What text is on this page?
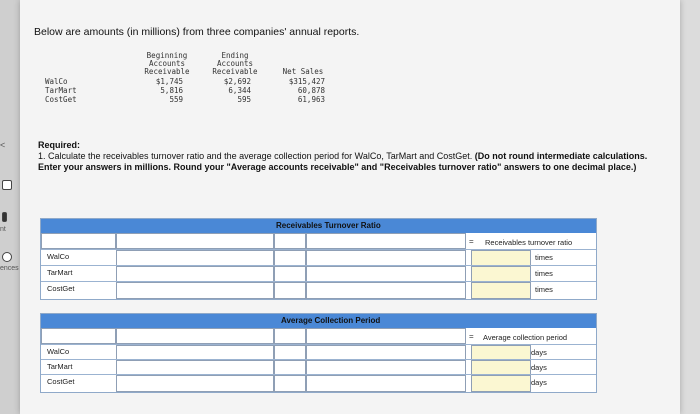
<
nt
ences
Below are amounts (in millions) from three companies' annual reports.
Beginning
Accounts
Receivable
Ending
Accounts
Receivable	Net Sales
WalCo	$1,745	$2,692	$315,427
TarMart	5,816	6,344	60,878
CostGet	559	595	61,963
Required:
1. Calculate the receivables turnover ratio and the average collection period for WalCo, TarMart and CostGet. (Do not round intermediate calculations. Enter your answers in millions. Round your "Average accounts receivable" and "Receivables turnover ratio" answers to one decimal place.)
Receivables Turnover Ratio
= Receivables turnover ratio
WalCo	times
TarMart	times
CostGet	times
Average Collection Period
= Average collection period
WalCo	days
TarMart	days
CostGet	days
